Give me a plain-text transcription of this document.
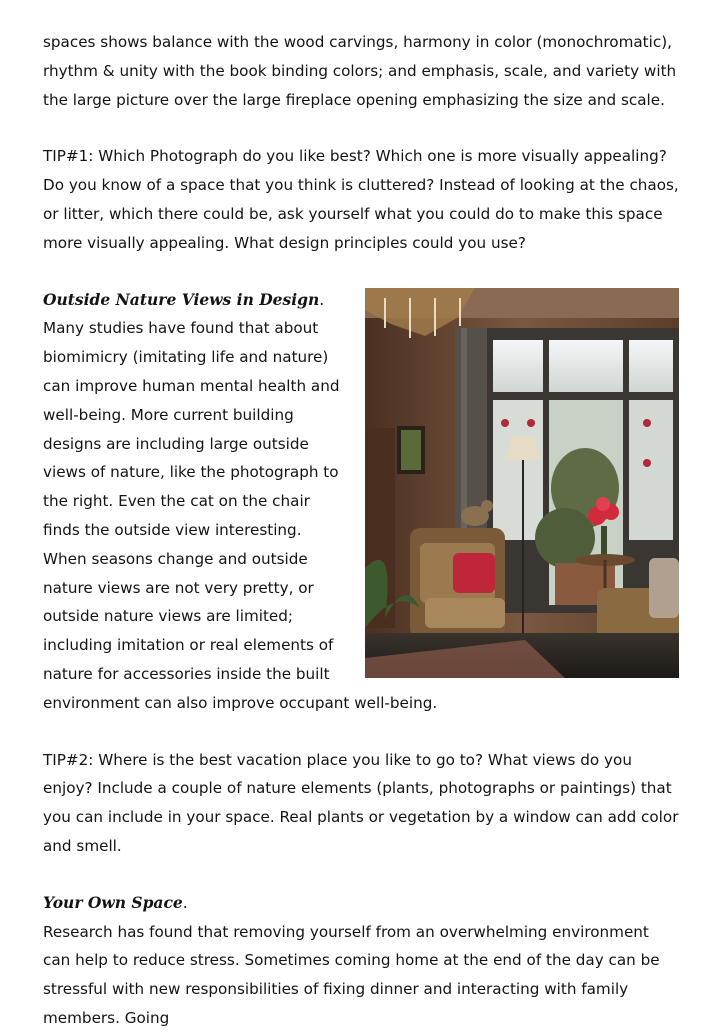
spaces shows balance with the wood carvings, harmony in color (monochromatic), rhythm & unity with the book binding colors; and emphasis, scale, and variety with the large picture over the large fireplace opening emphasizing the size and scale.

TIP#1: Which Photograph do you like best? Which one is more visually appealing? Do you know of a space that you think is cluttered? Instead of looking at the chaos, or litter, which there could be, ask yourself what you could do to make this space more visually appealing. What design principles could you use?

Outside Nature Views in Design.

Many studies have found that about biomimicry (imitating life and nature) can improve human mental health and well-being. More current building designs are including large outside views of nature, like the photograph to the right. Even the cat on the chair finds the outside view interesting.

When seasons change and outside nature views are not very pretty, or outside nature views are limited; including imitation or real elements of nature for accessories inside the built environment can also improve occupant well-being.

TIP#2: Where is the best vacation place you like to go to? What views do you enjoy? Include a couple of nature elements (plants, photographs or paintings) that you can include in your space. Real plants or vegetation by a window can add color and smell.

Your Own Space.

Research has found that removing yourself from an overwhelming environment can help to reduce stress. Sometimes coming home at the end of the day can be stressful with new responsibilities of fixing dinner and interacting with family members. Going
